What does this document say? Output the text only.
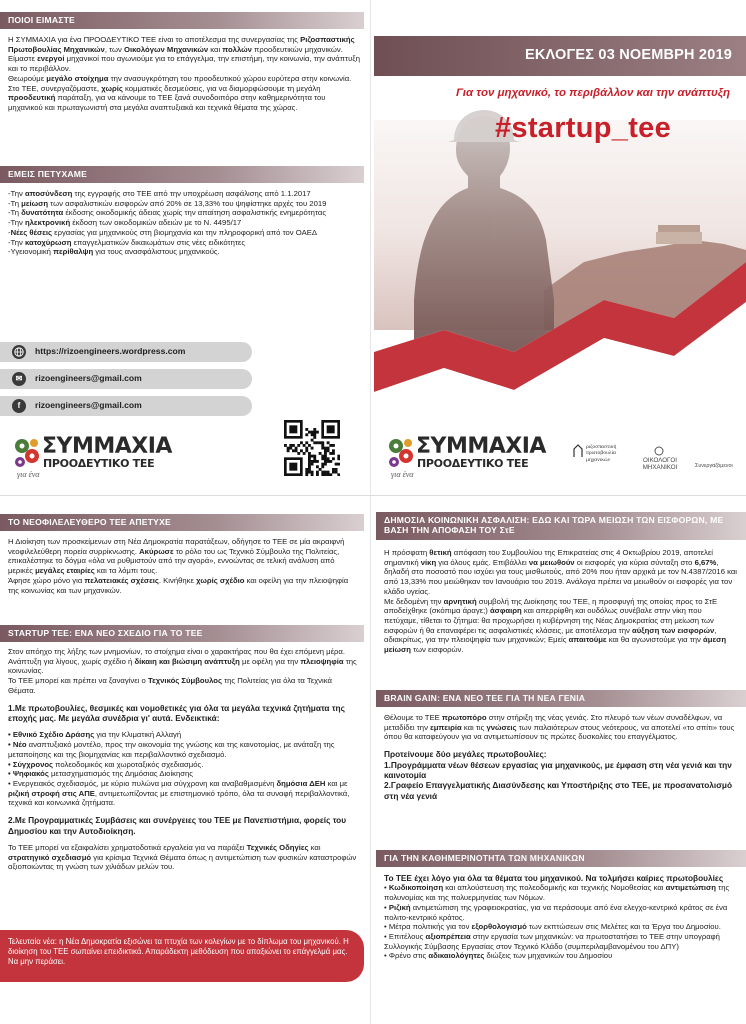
ΠΟΙΟΙ ΕΙΜΑΣΤΕ

Η ΣΥΜΜΑΧΙΑ για ένα ΠΡΟΟΔΕΥΤΙΚΟ ΤΕΕ είναι το αποτέλεσμα της συνεργασίας της Ριζοσπαστικής Πρωτοβουλίας Μηχανικών, των Οικολόγων Μηχανικών και πολλών προοδευτικών μηχανικών.

Είμαστε ενεργοί μηχανικοί που αγωνιούμε για το επάγγελμα, την επιστήμη, την κοινωνία, την ανάπτυξη και το περιβάλλον.

Θεωρούμε μεγάλο στοίχημα την ανασυγκρότηση του προοδευτικού χώρου ευρύτερα στην κοινωνία. Στο ΤΕΕ, συνεργαζόμαστε, χωρίς κομματικές δεσμεύσεις, για να διαμορφώσουμε τη μεγάλη προοδευτική παράταξη, για να κάνουμε το ΤΕΕ ξανά συνοδοιπόρο στην καθημερινότητα του μηχανικού και πρωταγωνιστή στα μεγάλα αναπτυξιακά και τεχνικά θέματα της χώρας.

ΕΜΕΙΣ ΠΕΤΥΧΑΜΕ

-Την αποσύνδεση της εγγραφής στο ΤΕΕ από την υποχρέωση ασφάλισης από 1.1.2017

-Τη μείωση των ασφαλιστικών εισφορών από 20% σε 13,33% του ψηφίστηκε αρχές του 2019

-Τη δυνατότητα έκδοσης οικοδομικής άδειας χωρίς την απαίτηση ασφαλιστικής ενημερότητας

-Την ηλεκτρονική έκδοση των οικοδομικών αδειών με το Ν. 4495/17

-Νέες θέσεις εργασίας για μηχανικούς στη βιομηχανία και την πληροφορική από τον ΟΑΕΔ

-Την κατοχύρωση επαγγελματικών δικαιωμάτων στις νέες ειδικότητες

-Υγειονομική περίθαλψη για τους ανασφάλιστους μηχανικούς.

https://rizoengineers.wordpress.com
✉	rizoengineers@gmail.com
f	rizoengineers@gmail.com
ΣΥΜΜΑΧΙΑ
ΠΡΟΟΔΕΥΤΙΚΟ ΤΕΕ
για ένα
ΕΚΛΟΓΕΣ 03 ΝΟΕΜΒΡΗ 2019
Για τον μηχανικό, το περιβάλλον και την ανάπτυξη
#startup_tee
ΣΥΜΜΑΧΙΑ
ΠΡΟΟΔΕΥΤΙΚΟ ΤΕΕ
για ένα
ριζοσπαστική πρωτοβουλία μηχανικών	ΟΙΚΟΛΟΓΟΙ ΜΗΧΑΝΙΚΟΙ	Συνεργαζόμενοι
ΤΟ ΝΕΟΦΙΛΕΛΕΥΘΕΡΟ ΤΕΕ ΑΠΕΤΥΧΕ

Η Διοίκηση των προσκείμενων στη Νέα Δημοκρατία παρατάξεων, οδήγησε το ΤΕΕ σε μία ακραιφνή νεοφιλελεύθερη πορεία συρρίκνωσης. Ακύρωσε το ρόλο του ως Τεχνικό Σύμβουλο της Πολιτείας, επικαλέστηκε το δόγμα «όλα να ρυθμιστούν από την αγορά», εννοώντας σε τελική ανάλυση από μερικές μεγάλες εταιρίες και τα λόμπι τους.

Άφησε χώρο μόνο για πελατειακές σχέσεις. Κινήθηκε χωρίς σχέδιο και οφείλη για την πλειοψηφία της κοινωνίας και των μηχανικών.

STARTUP TEE: ΕΝΑ ΝΕΟ ΣΧΕΔΙΟ ΓΙΑ ΤΟ ΤΕΕ

Στον απόηχο της λήξης των μνημονίων, το στοίχημα είναι ο χαρακτήρας που θα έχει επόμενη μέρα. Ανάπτυξη για λίγους, χωρίς σχέδιο ή δίκαιη και βιώσιμη ανάπτυξη με οφέλη για την πλειοψηφία της κοινωνίας.

Το ΤΕΕ μπορεί και πρέπει να ξαναγίνει ο Τεχνικός Σύμβουλος της Πολιτείας για όλα τα Τεχνικά Θέματα.

1.Με πρωτοβουλίες, θεσμικές και νομοθετικές για όλα τα μεγάλα τεχνικά ζητήματα της εποχής μας. Με μεγάλα συνέδρια γι' αυτά. Ενδεικτικά:

• Εθνικό Σχέδιο Δράσης για την Κλιματική Αλλαγή

• Νέο αναπτυξιακό μοντέλο, προς την οικονομία της γνώσης και της καινοτομίας, με ανάταξη της μεταποίησης και της βιομηχανίας και περιβαλλοντικό σχεδιασμό.

• Σύγχρονος πολεοδομικός και χωροταξικός σχεδιασμός.

• Ψηφιακός μετασχηματισμός της Δημόσιας Διοίκησης

• Ενεργειακός σχεδιασμός, με κύριο πυλώνα μια σύγχρονη και αναβαθμισμένη δημόσια ΔΕΗ και με ριζική στροφή στις ΑΠΕ, αντιμετωπίζοντας με επιστημονικό τρόπο, όλα τα συναφή περιβαλλοντικά, τεχνικά και κοινωνικά ζητήματα.

2.Με Προγραμματικές Συμβάσεις και συνέργειες του ΤΕΕ με Πανεπιστήμια, φορείς του Δημοσίου και την Αυτοδιοίκηση.

Το ΤΕΕ μπορεί να εξαιφαλίσει χρηματοδοτικά εργαλεία για να παράξει Τεχνικές Οδηγίες και στρατηγικό σχεδιασμό για κρίσιμα Τεχνικά Θέματα όπως η αντιμετώπιση των φυσικών καταστροφών αξιοποιώντας τη γνώση των χιλιάδων μελών του.

Τελευταία νέα: η Νέα Δημοκρατία εξισώνει τα πτυχία των κολεγίων με το δίπλωμα του μηχανικού. Η διοίκηση του ΤΕΕ σωπαίνει επειδικτικά. Απαράδεκτη μεθόδευση που απαξιώνει το επάγγελμά μας. Να μην περάσει.
ΔΗΜΟΣΙΑ ΚΟΙΝΩΝΙΚΗ ΑΣΦΑΛΙΣΗ: ΕΔΩ ΚΑΙ ΤΩΡΑ ΜΕΙΩΣΗ ΤΩΝ ΕΙΣΦΟΡΩΝ, ΜΕ ΒΑΣΗ ΤΗΝ ΑΠΟΦΑΣΗ ΤΟΥ ΣτΕ

Η πρόσφατη θετική απόφαση του Συμβουλίου της Επικρατείας στις 4 Οκτωβρίου 2019, αποτελεί σημαντική νίκη για όλους εμάς. Επιβάλλει να μειωθούν οι εισφορές για κύρια σύνταξη στο 6,67%, δηλαδή στο ποσοστό που ισχύει για τους μισθωτούς, από 20% που ήταν αρχικά με τον Ν.4387/2016 και από 13,33% που μειώθηκαν τον Ιανουάριο του 2019. Ανάλογα πρέπει να μειωθούν οι εισφορές για τον κλάδο υγείας.

Με δεδομένη την αρνητική συμβολή της Διοίκησης του ΤΕΕ, η προσφυγή της οποίας προς το ΣτΕ αποδείχθηκε (σκόπιμα άραγε;) άσφαιρη και απερρίφθη και ουδόλως συνέβαλε στην νίκη που πετύχαμε, τίθεται το ζήτημα: θα προχωρήσει η κυβέρνηση της Νέας Δημοκρατίας στη μείωση των εισφορών ή θα επαναφέρει τις ασφαλιστικές κλάσεις, με αποτέλεσμα την αύξηση των εισφορών, αδιακρίτως, για την πλειοψηφία των μηχανικών; Εμείς απαιτούμε και θα αγωνιστούμε για την άμεση μείωση των εισφορών.

BRAIN GAIN: ΕΝΑ ΝΕΟ ΤΕΕ ΓΙΑ ΤΗ ΝΕΑ ΓΕΝΙΑ

Θέλουμε το ΤΕΕ πρωτοπόρο στην στήριξη της νέας γενιάς. Στο πλευρό των νέων συναδέλφων, να μεταδίδει την εμπειρία και τις γνώσεις των παλαιότερων στους νεότερους, να αποτελεί «το σπίτι» τους όπου θα καταφεύγουν για να αντιμετωπίσουν τις πρώτες δυσκολίες του επαγγέλματος.

Προτείνουμε δύο μεγάλες πρωτοβουλίες:

1.Προγράμματα νέων θέσεων εργασίας για μηχανικούς, με έμφαση στη νέα γενιά και την καινοτομία

2.Γραφείο Επαγγελματικής Διασύνδεσης και Υποστήριξης στο ΤΕΕ, με προσανατολισμό στη νέα γενιά

ΓΙΑ ΤΗΝ ΚΑΘΗΜΕΡΙΝΟΤΗΤΑ ΤΩΝ ΜΗΧΑΝΙΚΩΝ

Το ΤΕΕ έχει λόγο για όλα τα θέματα του μηχανικού. Να τολμήσει καίριες πρωτοβουλίες

• Κωδικοποίηση και απλούστευση της πολεοδομικής και τεχνικής Νομοθεσίας και αντιμετώπιση της πολυνομίας και της πολυερμηνείας των Νόμων.

• Ριζική αντιμετώπιση της γραφειοκρατίας, για να περάσουμε από ένα ελεγχο-κεντρικό κράτος σε ένα πολιτο-κεντρικό κράτος.

• Μέτρα πολιτικής για τον εξορθολογισμό των εκπτώσεων στις Μελέτες και τα Έργα του Δημοσίου.

• Επιτέλους αξιοπρέπεια στην εργασία των μηχανικών: να πρωτοστατήσει το ΤΕΕ στην υπογραφή Συλλογικής Σύμβασης Εργασίας στον Τεχνικό Κλάδο (συμπεριλαμβανομένου του ΔΠΥ)

• Φρένο στις αδικαιολόγητες διώξεις των μηχανικών του Δημοσίου
